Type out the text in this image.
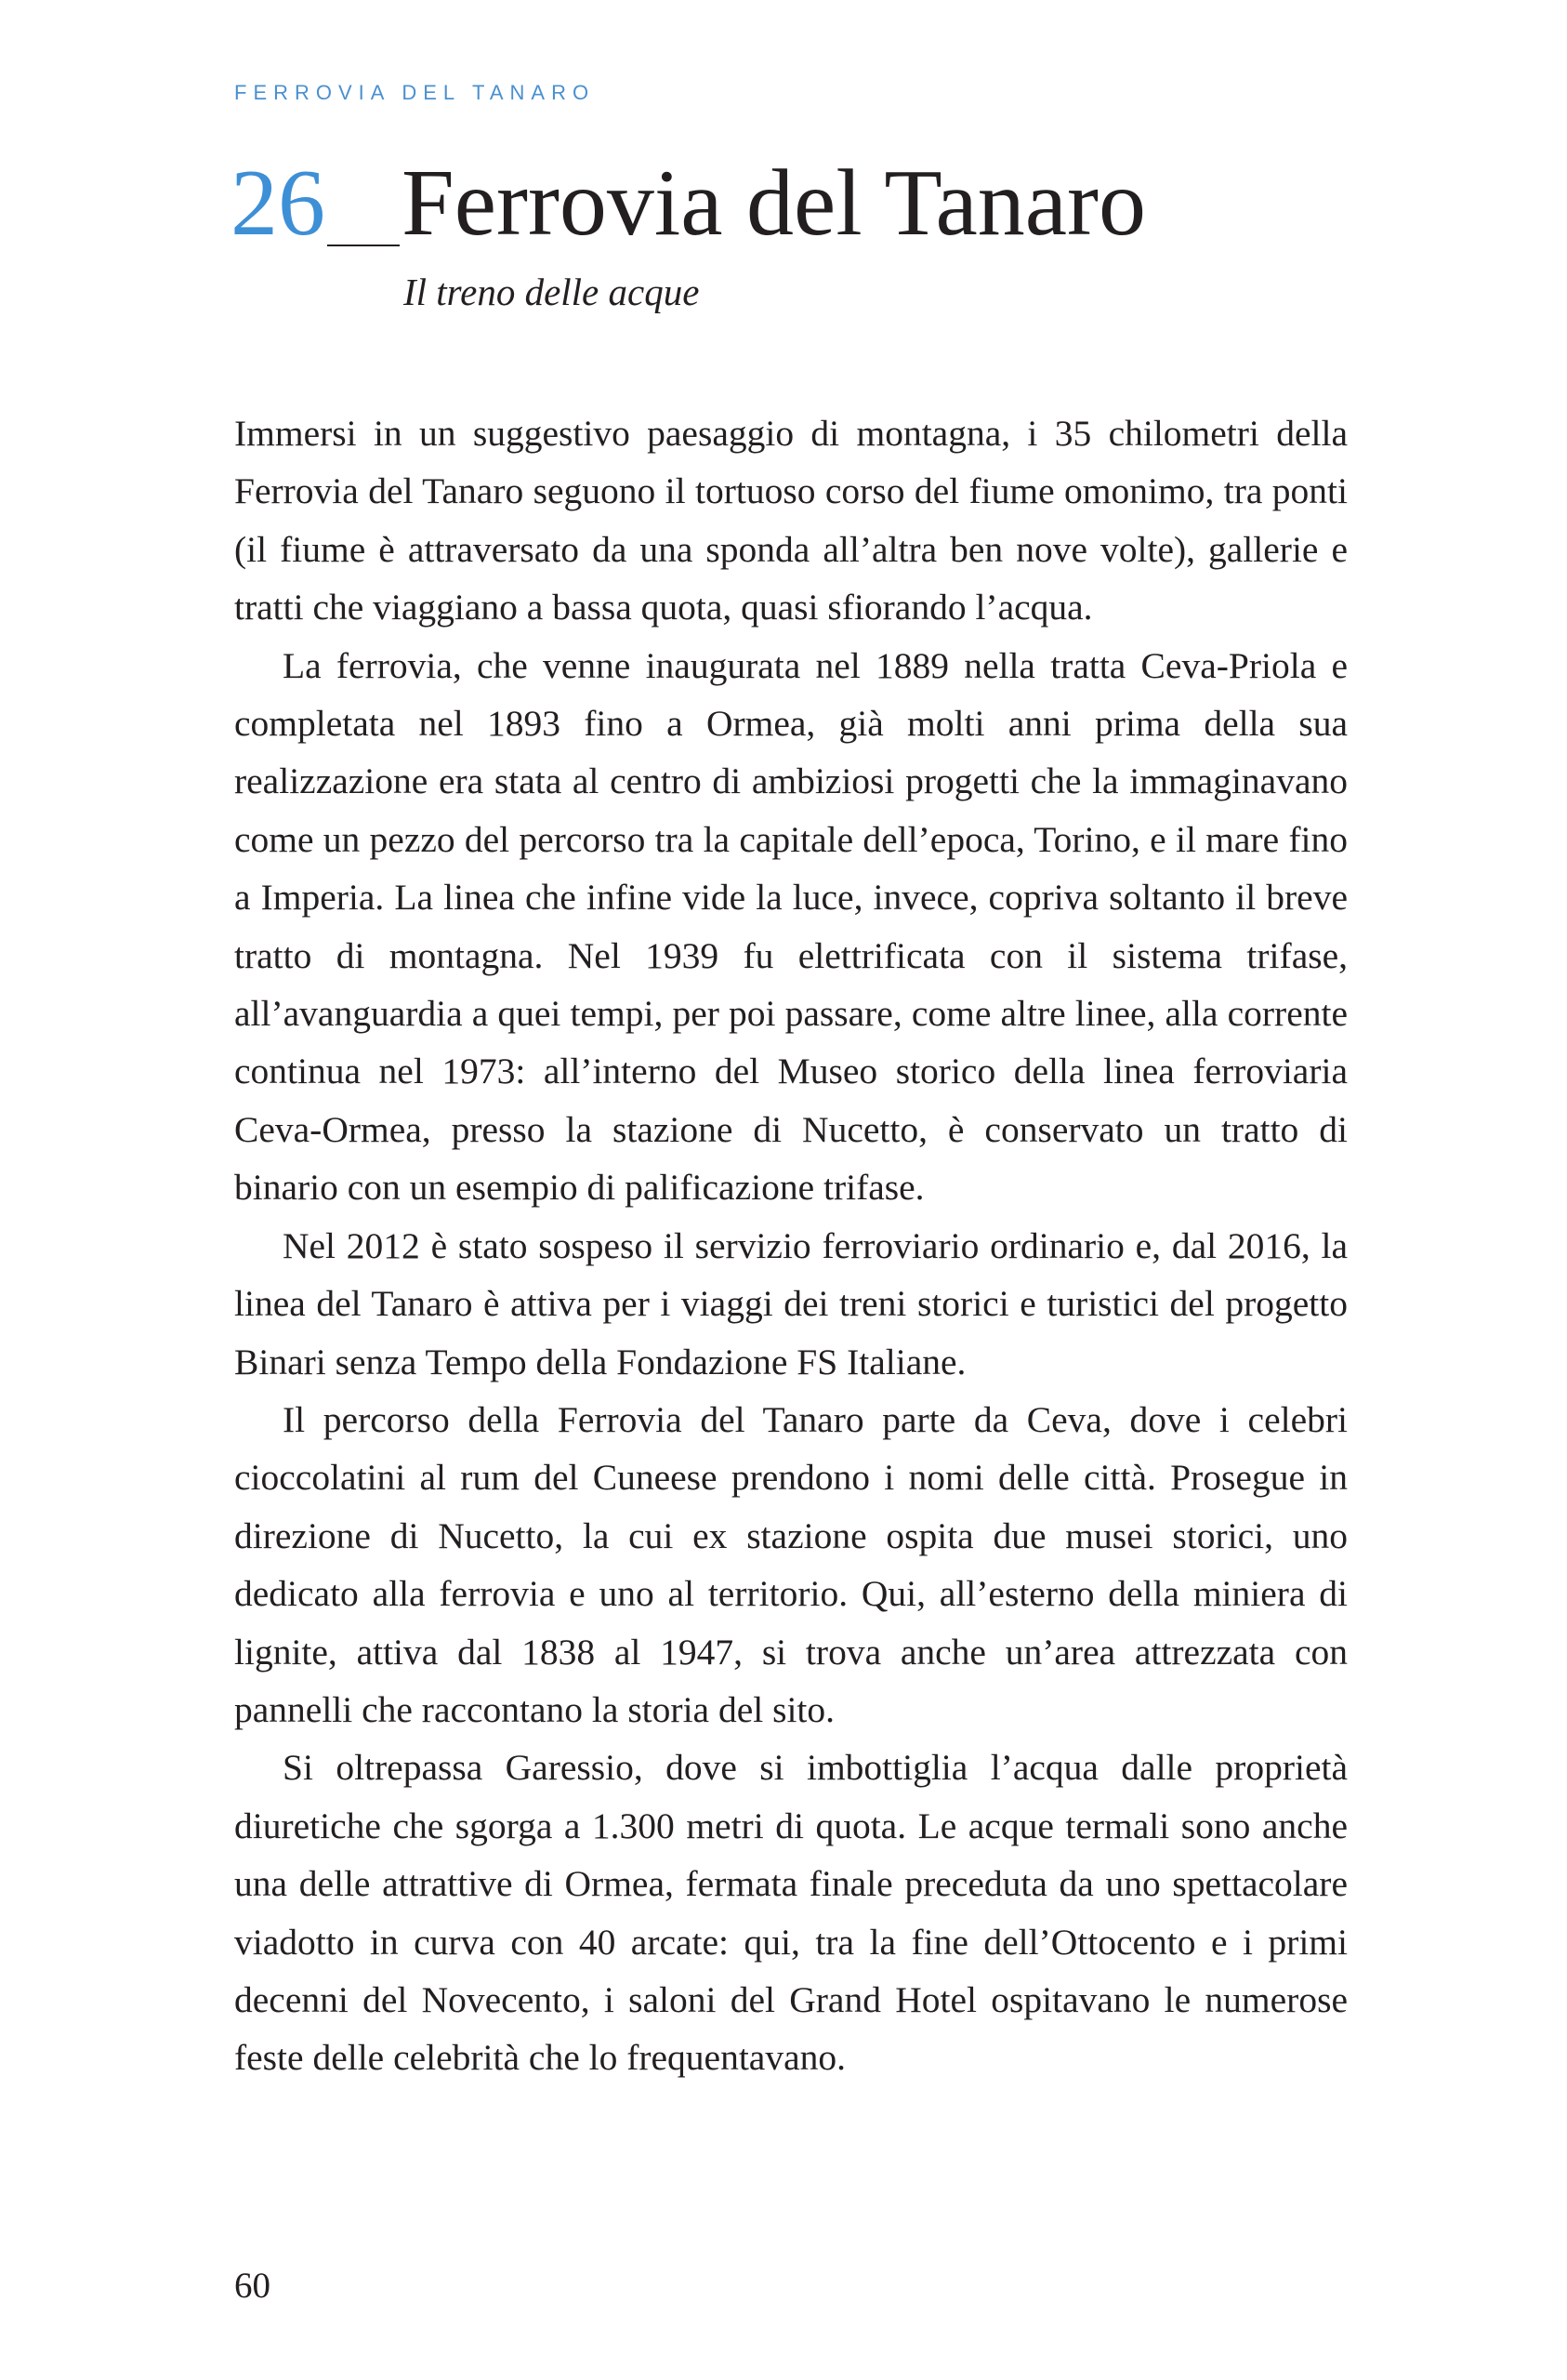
FERROVIA DEL TANARO
26 Ferrovia del Tanaro
Il treno delle acque

Immersi in un suggestivo paesaggio di montagna, i 35 chilometri della Ferrovia del Tanaro seguono il tortuoso corso del fiume omonimo, tra ponti (il fiume è attraversato da una sponda all’altra ben nove volte), gallerie e tratti che viaggiano a bassa quota, quasi sfiorando l’acqua.

La ferrovia, che venne inaugurata nel 1889 nella tratta Ceva-Priola e completata nel 1893 fino a Ormea, già molti anni prima della sua realizzazione era stata al centro di ambiziosi progetti che la immaginavano come un pezzo del percorso tra la capitale dell’epoca, Torino, e il mare fino a Imperia. La linea che infine vide la luce, invece, copriva soltanto il breve tratto di montagna. Nel 1939 fu elettrificata con il sistema trifase, all’avanguardia a quei tempi, per poi passare, come altre linee, alla corrente continua nel 1973: all’interno del Museo storico della linea ferroviaria Ceva-Ormea, presso la stazione di Nucetto, è conservato un tratto di binario con un esempio di palificazione trifase.

Nel 2012 è stato sospeso il servizio ferroviario ordinario e, dal 2016, la linea del Tanaro è attiva per i viaggi dei treni storici e turistici del progetto Binari senza Tempo della Fondazione FS Italiane.

Il percorso della Ferrovia del Tanaro parte da Ceva, dove i celebri cioccolatini al rum del Cuneese prendono i nomi delle città. Prosegue in direzione di Nucetto, la cui ex stazione ospita due musei storici, uno dedicato alla ferrovia e uno al territorio. Qui, all’esterno della miniera di lignite, attiva dal 1838 al 1947, si trova anche un’area attrezzata con pannelli che raccontano la storia del sito.

Si oltrepassa Garessio, dove si imbottiglia l’acqua dalle proprietà diuretiche che sgorga a 1.300 metri di quota. Le acque termali sono anche una delle attrattive di Ormea, fermata finale preceduta da uno spettacolare viadotto in curva con 40 arcate: qui, tra la fine dell’Ottocento e i primi decenni del Novecento, i saloni del Grand Hotel ospitavano le numerose feste delle celebrità che lo frequentavano.

60
